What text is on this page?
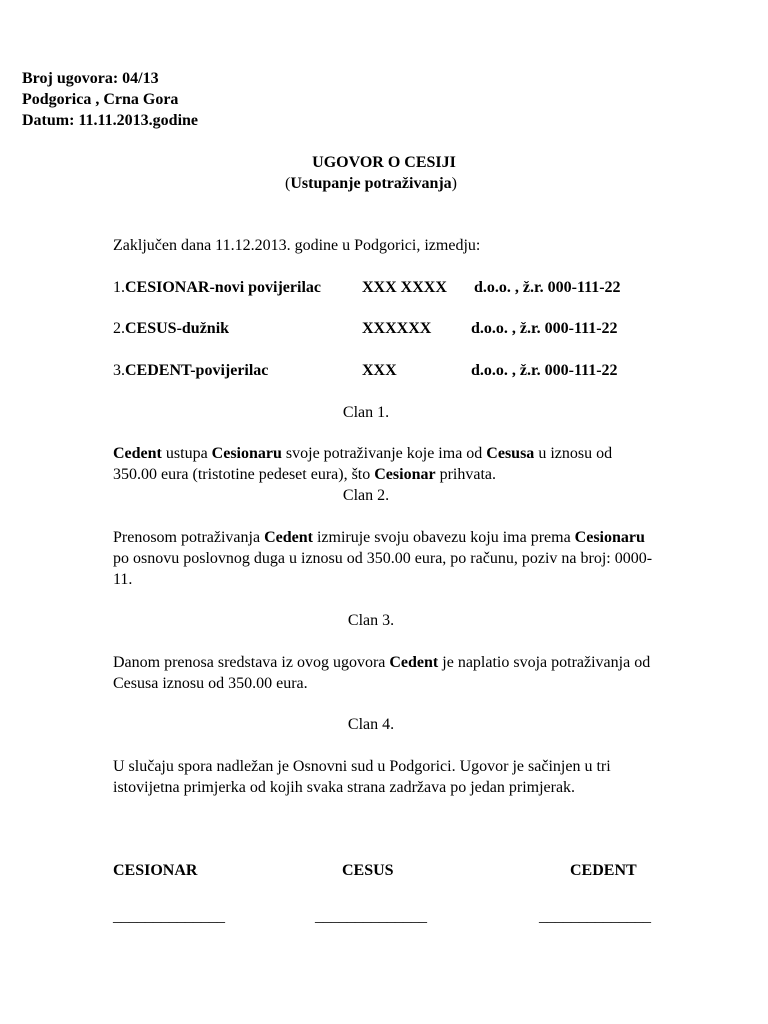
Broj ugovora: 04/13
Podgorica , Crna Gora
Datum: 11.11.2013.godine
UGOVOR O CESIJI
(Ustupanje potraživanja)
Zaključen dana 11.12.2013. godine u Podgorici, izmedju:
1.CESIONAR-novi povijerilac	XXX XXXX d.o.o. , ž.r. 000-111-22
2.CESUS-dužnik	XXXXXX d.o.o. , ž.r. 000-111-22
3.CEDENT-povijerilac	XXX	d.o.o. , ž.r. 000-111-22
Clan 1.
Cedent ustupa Cesionaru svoje potraživanje koje ima od Cesusa u iznosu od 350.00 eura (tristotine pedeset eura), što Cesionar prihvata.
Clan 2.
Prenosom potraživanja Cedent izmiruje svoju obavezu koju ima prema Cesionaru po osnovu poslovnog duga u iznosu od 350.00 eura, po računu, poziv na broj: 0000-11.
Clan 3.
Danom prenosa sredstava iz ovog ugovora Cedent je naplatio svoja potraživanja od Cesusa iznosu od 350.00 eura.
Clan 4.
U slučaju spora nadležan je Osnovni sud u Podgorici. Ugovor je sačinjen u tri istovijetna primjerka od kojih svaka strana zadržava po jedan primjerak.
CESIONAR	CESUS	CEDENT
______________	______________	______________
